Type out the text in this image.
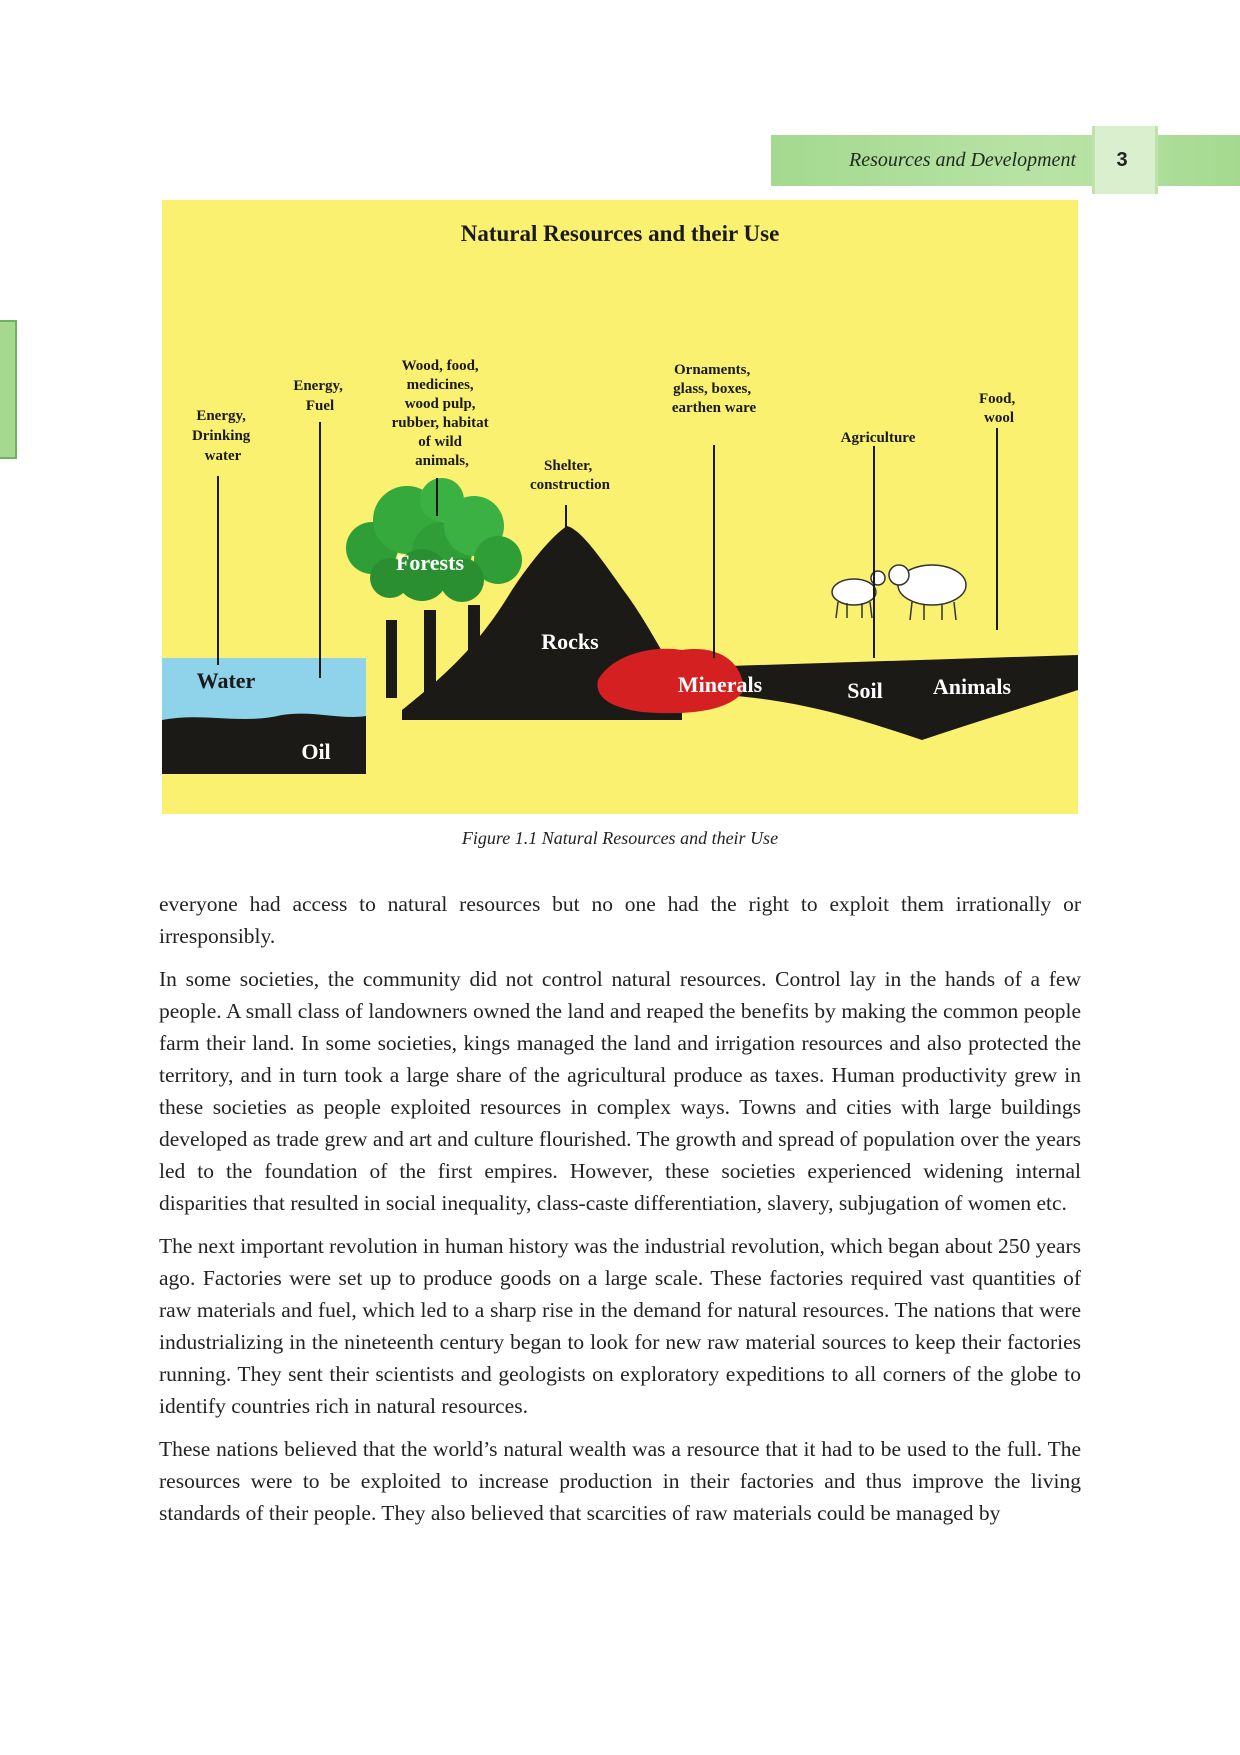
Resources and Development	3
Natural Resources and their Use
Energy, Drinking water
Energy, Fuel
Wood, food, medicines, wood pulp, rubber, habitat of wild animals,	Shelter, construction
Ornaments, glass, boxes, earthen ware
Agriculture
Food, wool
Water
Oil
Forests
Rocks
Minerals	Soil Animals
Figure 1.1 Natural Resources and their Use

everyone had access to natural resources but no one had the right to exploit them irrationally or irresponsibly.

In some societies, the community did not control natural resources. Control lay in the hands of a few people. A small class of landowners owned the land and reaped the benefits by making the common people farm their land. In some societies, kings managed the land and irrigation resources and also protected the territory, and in turn took a large share of the agricultural produce as taxes. Human productivity grew in these societies as people exploited resources in complex ways. Towns and cities with large buildings developed as trade grew and art and culture flourished. The growth and spread of population over the years led to the foundation of the first empires. However, these societies experienced widening internal disparities that resulted in social inequality, class-caste differentiation, slavery, subjugation of women etc.

The next important revolution in human history was the industrial revolution, which began about 250 years ago. Factories were set up to produce goods on a large scale. These factories required vast quantities of raw materials and fuel, which led to a sharp rise in the demand for natural resources. The nations that were industrializing in the nineteenth century began to look for new raw material sources to keep their factories running. They sent their scientists and geologists on exploratory expeditions to all corners of the globe to identify countries rich in natural resources.

These nations believed that the world’s natural wealth was a resource that it had to be used to the full. The resources were to be exploited to increase production in their factories and thus improve the living standards of their people. They also believed that scarcities of raw materials could be managed by
